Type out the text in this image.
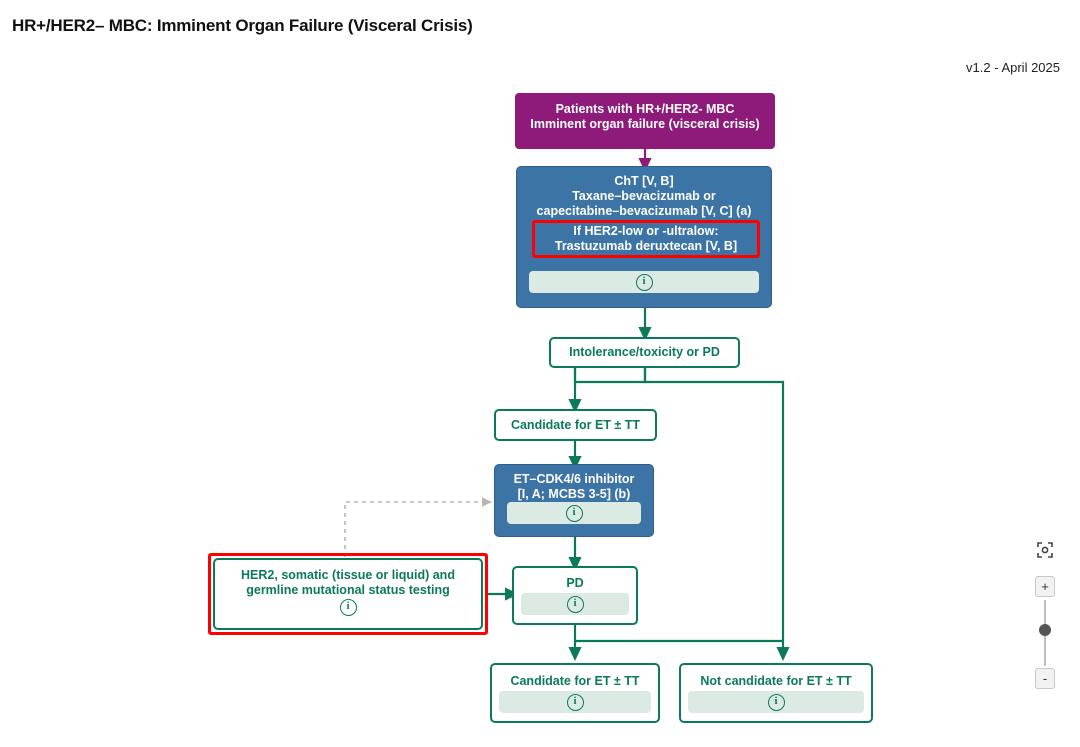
HR+/HER2– MBC: Imminent Organ Failure (Visceral Crisis)
v1.2 - April 2025
Patients with HR+/HER2- MBC
Imminent organ failure (visceral crisis)
ChT [V, B]
Taxane–bevacizumab or
capecitabine–bevacizumab [V, C] (a)
i
If HER2-low or -ultralow:
Trastuzumab deruxtecan [V, B]
Intolerance/toxicity or PD
Candidate for ET ± TT
ET–CDK4/6 inhibitor
[I, A; MCBS 3-5] (b)
i
HER2, somatic (tissue or liquid) and
germline mutational status testing
i
PD
i
Candidate for ET ± TT
i
Not candidate for ET ± TT
i
+
-
